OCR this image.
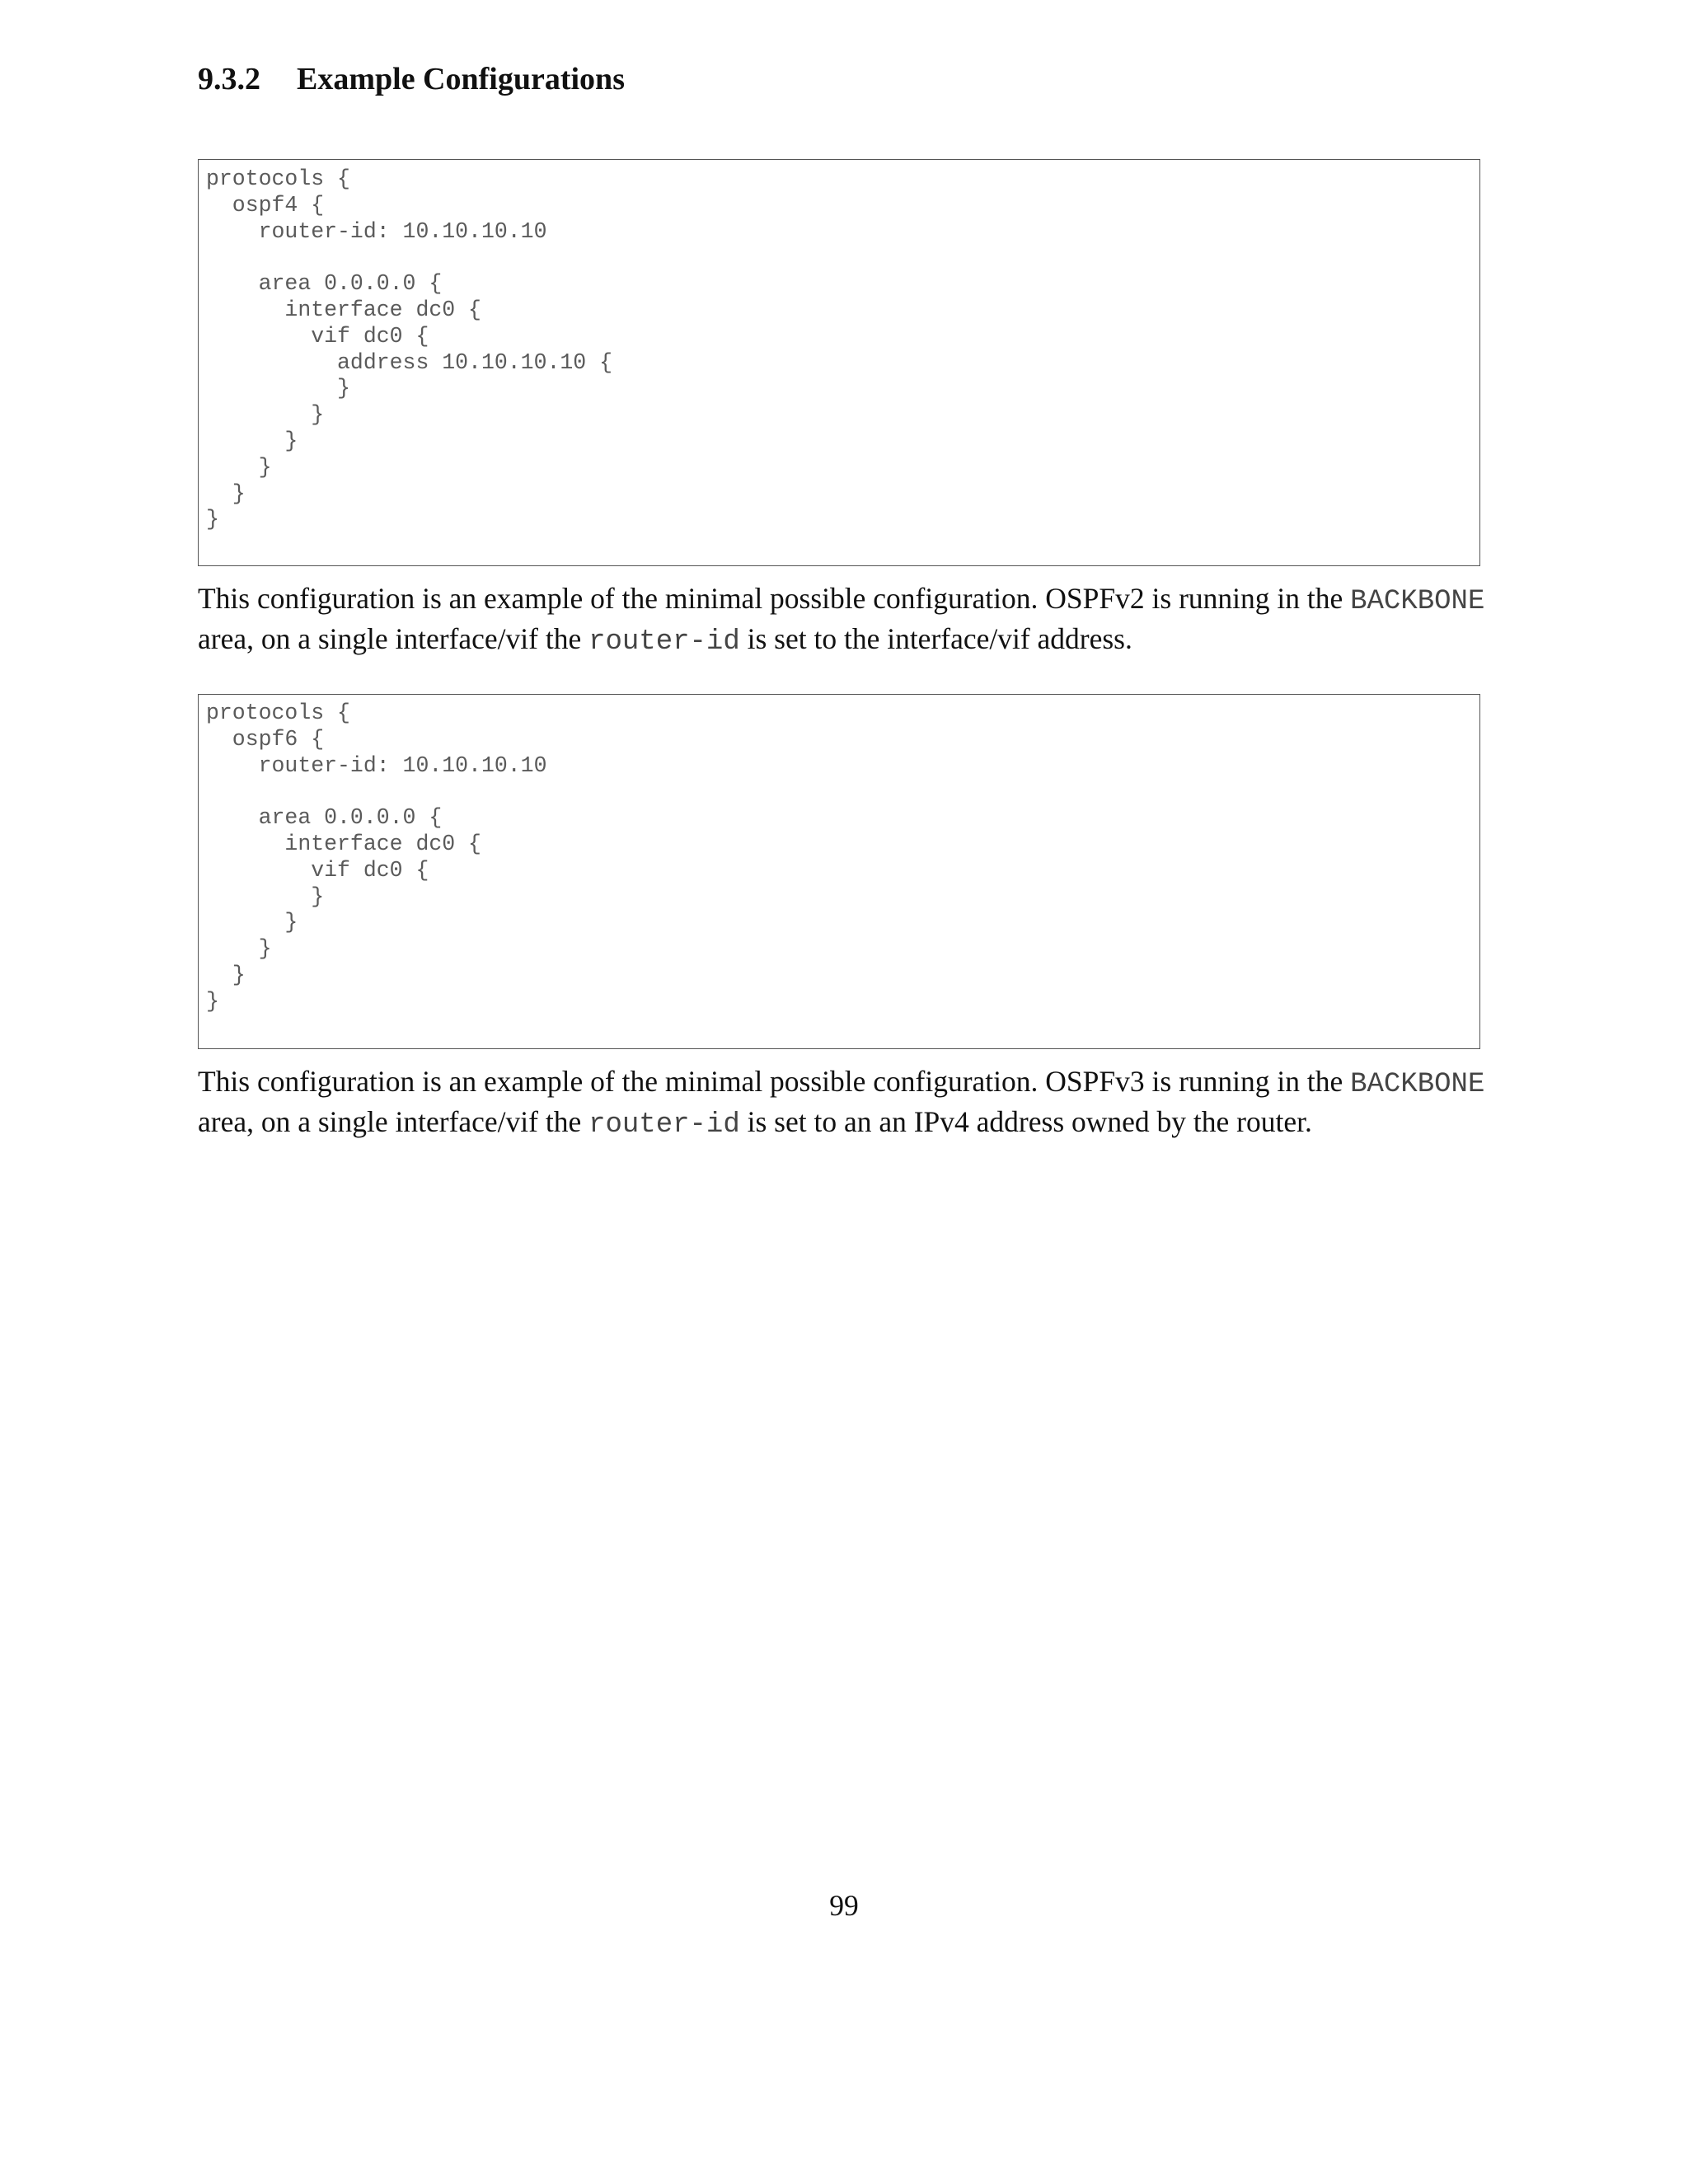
9.3.2 Example Configurations
protocols {
ospf4 {
router-id: 10.10.10.10

area 0.0.0.0 {
interface dc0 {
vif dc0 {
address 10.10.10.10 {
}
}
}
}
}
}

This configuration is an example of the minimal possible configuration. OSPFv2 is running in the BACKBONE
area, on a single interface/vif the router-id is set to the interface/vif address.

protocols {
ospf6 {
router-id: 10.10.10.10

area 0.0.0.0 {
interface dc0 {
vif dc0 {
}
}
}
}
}

This configuration is an example of the minimal possible configuration. OSPFv3 is running in the BACKBONE
area, on a single interface/vif the router-id is set to an an IPv4 address owned by the router.

99
